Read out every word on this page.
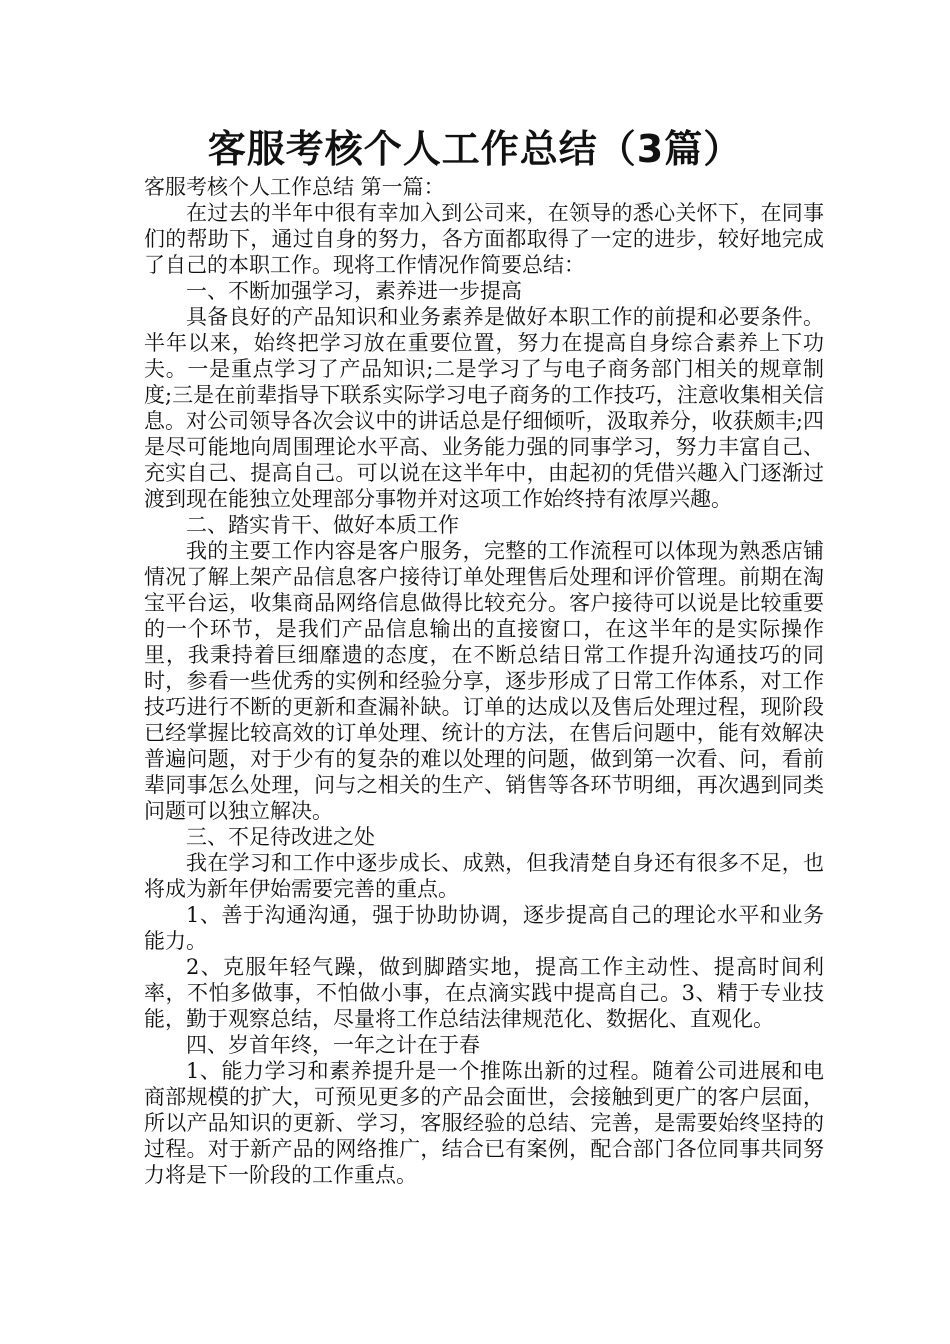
客服考核个人工作总结（3篇）

客服考核个人工作总结 第一篇：

在过去的半年中很有幸加入到公司来，在领导的悉心关怀下，在同事们的帮助下，通过自身的努力，各方面都取得了一定的进步，较好地完成了自己的本职工作。现将工作情况作简要总结：

一、不断加强学习，素养进一步提高

具备良好的产品知识和业务素养是做好本职工作的前提和必要条件。半年以来，始终把学习放在重要位置，努力在提高自身综合素养上下功夫。一是重点学习了产品知识;二是学习了与电子商务部门相关的规章制度;三是在前辈指导下联系实际学习电子商务的工作技巧，注意收集相关信息。对公司领导各次会议中的讲话总是仔细倾听，汲取养分，收获颇丰;四是尽可能地向周围理论水平高、业务能力强的同事学习，努力丰富自己、充实自己、提高自己。可以说在这半年中，由起初的凭借兴趣入门逐渐过渡到现在能独立处理部分事物并对这项工作始终持有浓厚兴趣。

二、踏实肯干、做好本质工作

我的主要工作内容是客户服务，完整的工作流程可以体现为熟悉店铺情况了解上架产品信息客户接待订单处理售后处理和评价管理。前期在淘宝平台运，收集商品网络信息做得比较充分。客户接待可以说是比较重要的一个环节，是我们产品信息输出的直接窗口，在这半年的是实际操作里，我秉持着巨细靡遗的态度，在不断总结日常工作提升沟通技巧的同时，参看一些优秀的实例和经验分享，逐步形成了日常工作体系，对工作技巧进行不断的更新和查漏补缺。订单的达成以及售后处理过程，现阶段已经掌握比较高效的订单处理、统计的方法，在售后问题中，能有效解决普遍问题，对于少有的复杂的难以处理的问题，做到第一次看、问，看前辈同事怎么处理，问与之相关的生产、销售等各环节明细，再次遇到同类问题可以独立解决。

三、不足待改进之处

我在学习和工作中逐步成长、成熟，但我清楚自身还有很多不足，也将成为新年伊始需要完善的重点。

1、善于沟通沟通，强于协助协调，逐步提高自己的理论水平和业务能力。

2、克服年轻气躁，做到脚踏实地，提高工作主动性、提高时间利率，不怕多做事，不怕做小事，在点滴实践中提高自己。3、精于专业技能，勤于观察总结，尽量将工作总结法律规范化、数据化、直观化。

四、岁首年终，一年之计在于春

1、能力学习和素养提升是一个推陈出新的过程。随着公司进展和电商部规模的扩大，可预见更多的产品会面世，会接触到更广的客户层面，所以产品知识的更新、学习，客服经验的总结、完善，是需要始终坚持的过程。对于新产品的网络推广，结合已有案例，配合部门各位同事共同努力将是下一阶段的工作重点。
